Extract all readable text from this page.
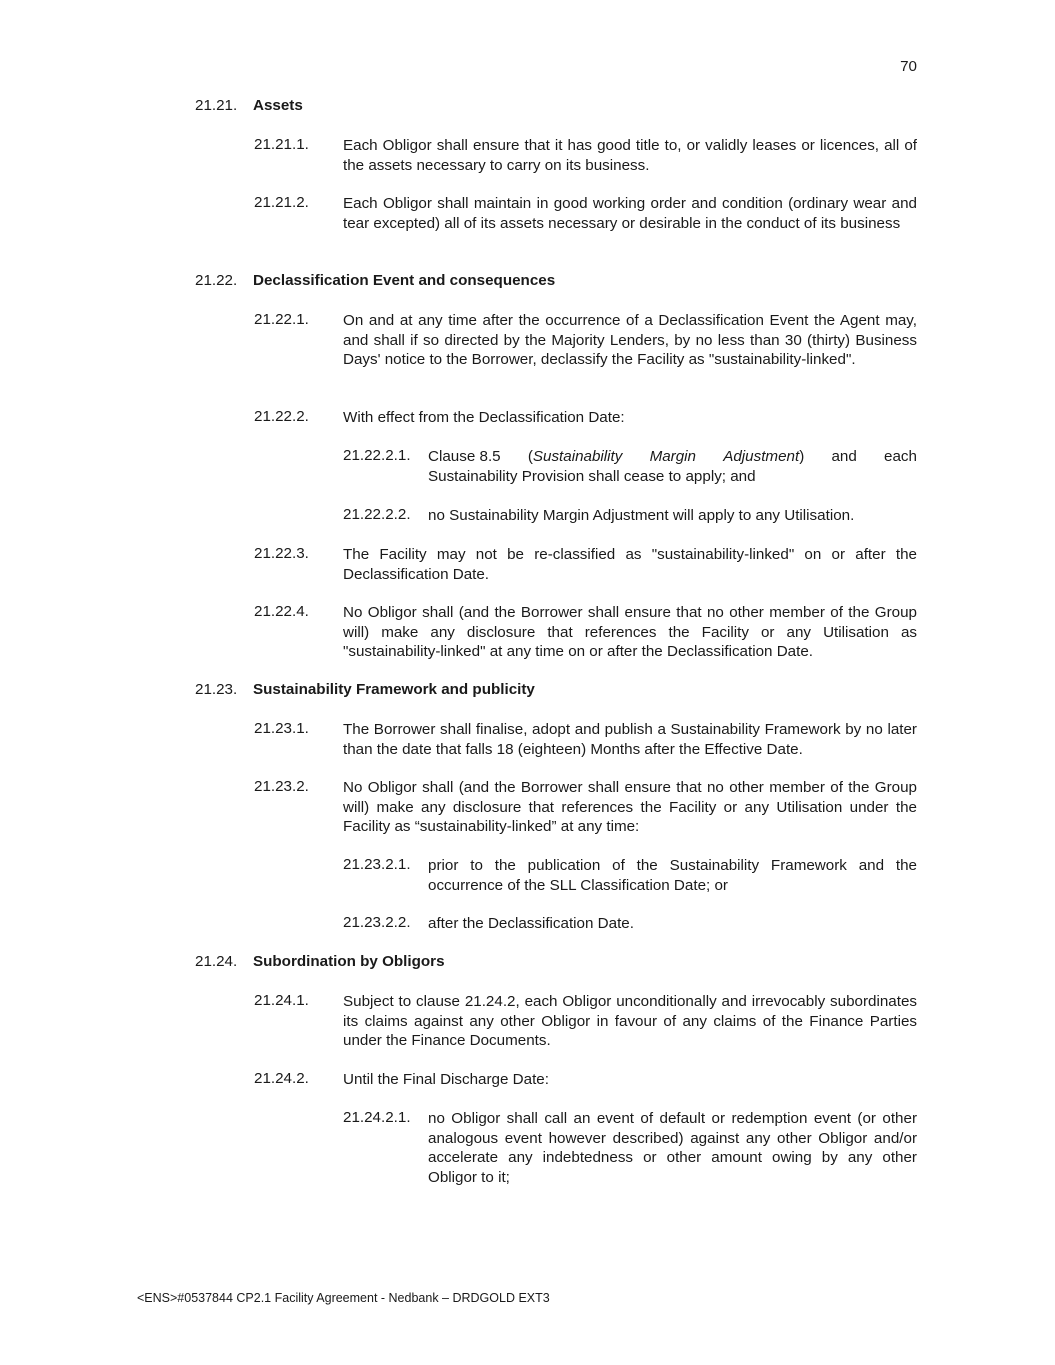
70
21.21. Assets
21.21.1. Each Obligor shall ensure that it has good title to, or validly leases or licences, all of the assets necessary to carry on its business.
21.21.2. Each Obligor shall maintain in good working order and condition (ordinary wear and tear excepted) all of its assets necessary or desirable in the conduct of its business
21.22. Declassification Event and consequences
21.22.1. On and at any time after the occurrence of a Declassification Event the Agent may, and shall if so directed by the Majority Lenders, by no less than 30 (thirty) Business Days' notice to the Borrower, declassify the Facility as "sustainability-linked".
21.22.2. With effect from the Declassification Date:
21.22.2.1. Clause 8.5 (Sustainability Margin Adjustment) and each
Sustainability Provision shall cease to apply; and
21.22.2.2. no Sustainability Margin Adjustment will apply to any Utilisation.
21.22.3. The Facility may not be re-classified as "sustainability-linked" on or after the Declassification Date.
21.22.4. No Obligor shall (and the Borrower shall ensure that no other member of the Group will) make any disclosure that references the Facility or any Utilisation as "sustainability-linked" at any time on or after the Declassification Date.
21.23. Sustainability Framework and publicity
21.23.1. The Borrower shall finalise, adopt and publish a Sustainability Framework by no later than the date that falls 18 (eighteen) Months after the Effective Date.
21.23.2. No Obligor shall (and the Borrower shall ensure that no other member of the Group will) make any disclosure that references the Facility or any Utilisation under the Facility as “sustainability-linked” at any time:
21.23.2.1. prior to the publication of the Sustainability Framework and the occurrence of the SLL Classification Date; or
21.23.2.2. after the Declassification Date.
21.24. Subordination by Obligors
21.24.1. Subject to clause 21.24.2, each Obligor unconditionally and irrevocably subordinates its claims against any other Obligor in favour of any claims of the Finance Parties under the Finance Documents.
21.24.2. Until the Final Discharge Date:
21.24.2.1. no Obligor shall call an event of default or redemption event (or other analogous event however described) against any other Obligor and/or accelerate any indebtedness or other amount owing by any other Obligor to it;
<ENS>#0537844 CP2.1 Facility Agreement - Nedbank – DRDGOLD EXT3
